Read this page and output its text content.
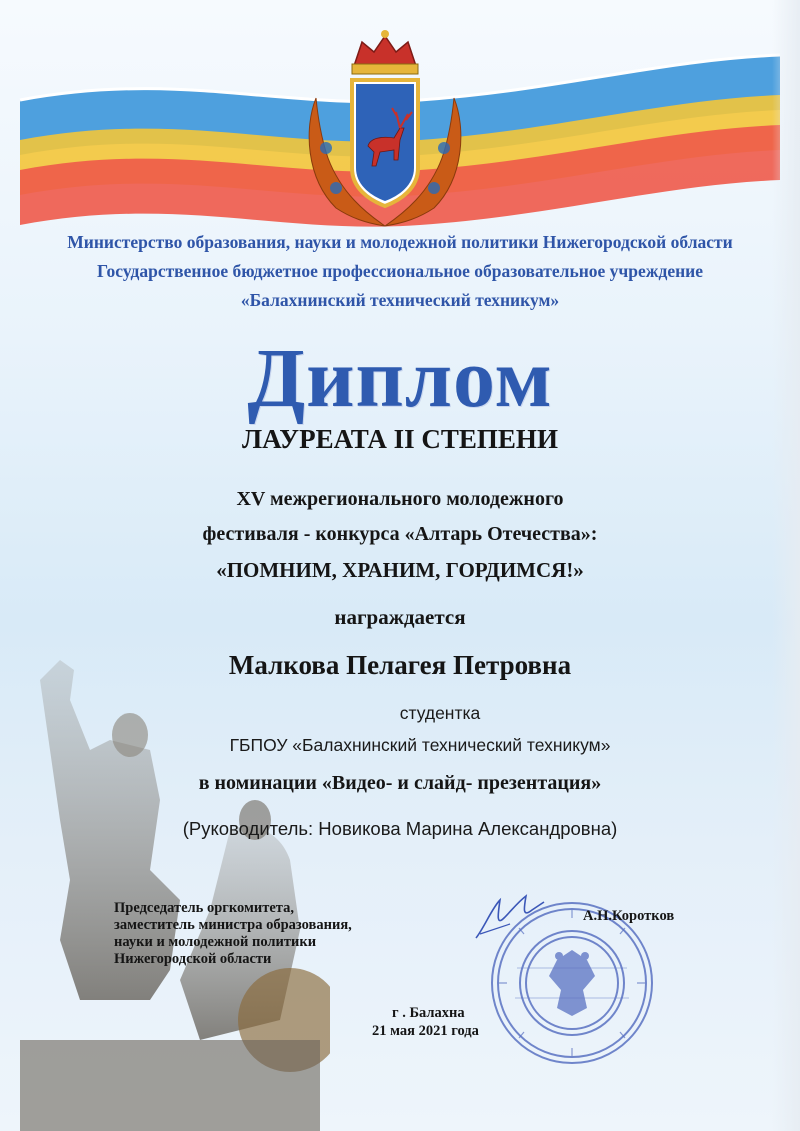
Министерство образования, науки и молодежной политики Нижегородской области

Государственное бюджетное профессиональное образовательное учреждение

«Балахнинский технический техникум»

Диплом

ЛАУРЕАТА II СТЕПЕНИ

XV межрегионального молодежного

фестиваля - конкурса «Алтарь Отечества»:

«ПОМНИМ, ХРАНИМ, ГОРДИМСЯ!»

награждается

Малкова Пелагея Петровна

студентка

ГБПОУ «Балахнинский технический техникум»

в номинации «Видео- и слайд- презентация»

(Руководитель: Новикова Марина Александровна)

Председатель оргкомитета,
заместитель министра образования,
науки и молодежной политики
Нижегородской области
А.Н.Коротков
г . Балахна
21 мая 2021 года
